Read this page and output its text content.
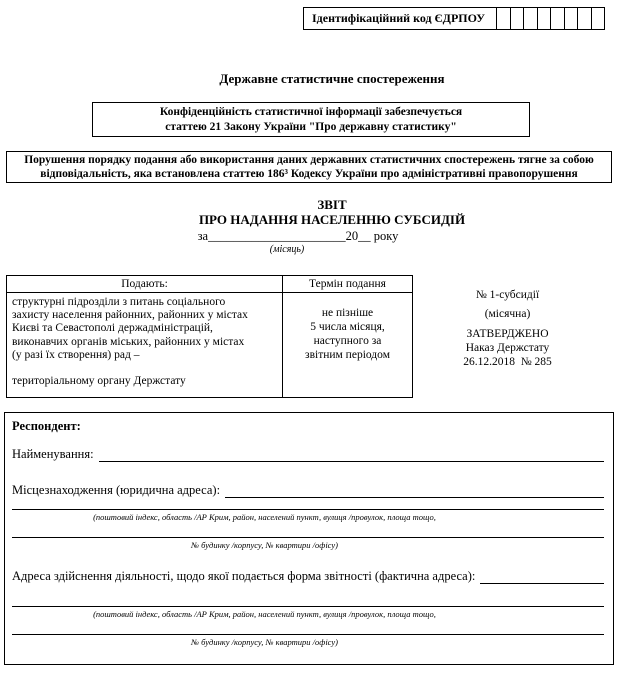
Ідентифікаційний код ЄДРПОУ
Державне статистичне спостереження
Конфіденційність статистичної інформації забезпечується
статтею 21 Закону України "Про державну статистику"
Порушення порядку подання або використання даних державних статистичних спостережень тягне за собою
відповідальність, яка встановлена статтею 186³ Кодексу України про адміністративні правопорушення
ЗВІТ
ПРО НАДАННЯ НАСЕЛЕННЮ СУБСИДІЙ
за______________________20__ року
(місяць)
Подають:	Термін подання
структурні підрозділи з питань соціального
захисту населення районних, районних у містах
Києві та Севастополі держадміністрацій,
виконавчих органів міських, районних у містах
(у разі їх створення) рад –
територіальному органу Держстату
не пізніше
5 числа місяця,
наступного за
звітним періодом
№ 1-субсидії
(місячна)
ЗАТВЕРДЖЕНО
Наказ Держстату
26.12.2018  № 285
Респондент:
Найменування:
Місцезнаходження (юридична адреса):
(поштовий індекс, область /АР Крим, район, населений пункт, вулиця /провулок, площа тощо,
№ будинку /корпусу, № квартири /офісу)
Адреса здійснення діяльності, щодо якої подається форма звітності (фактична адреса):
(поштовий індекс, область /АР Крим, район, населений пункт, вулиця /провулок, площа тощо,
№ будинку /корпусу, № квартири /офісу)
